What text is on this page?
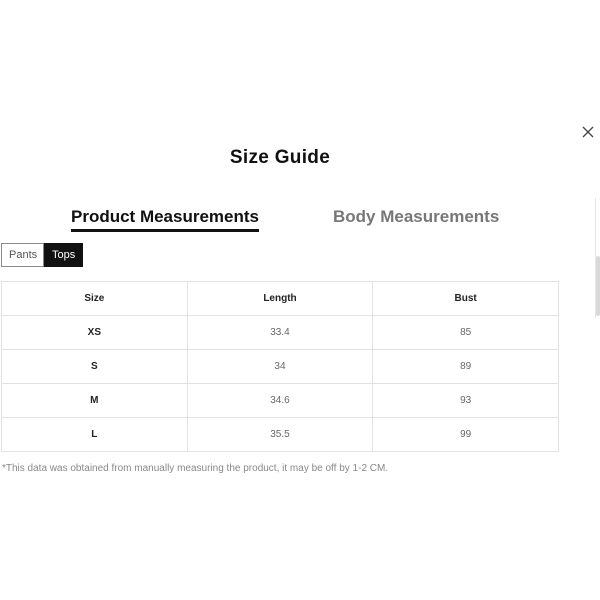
Size Guide
Product Measurements	Body Measurements
Pants	Tops
Size	Length	Bust
XS	33.4	85
S	34	89
M	34.6	93
L	35.5	99
*This data was obtained from manually measuring the product, it may be off by 1-2 CM.
